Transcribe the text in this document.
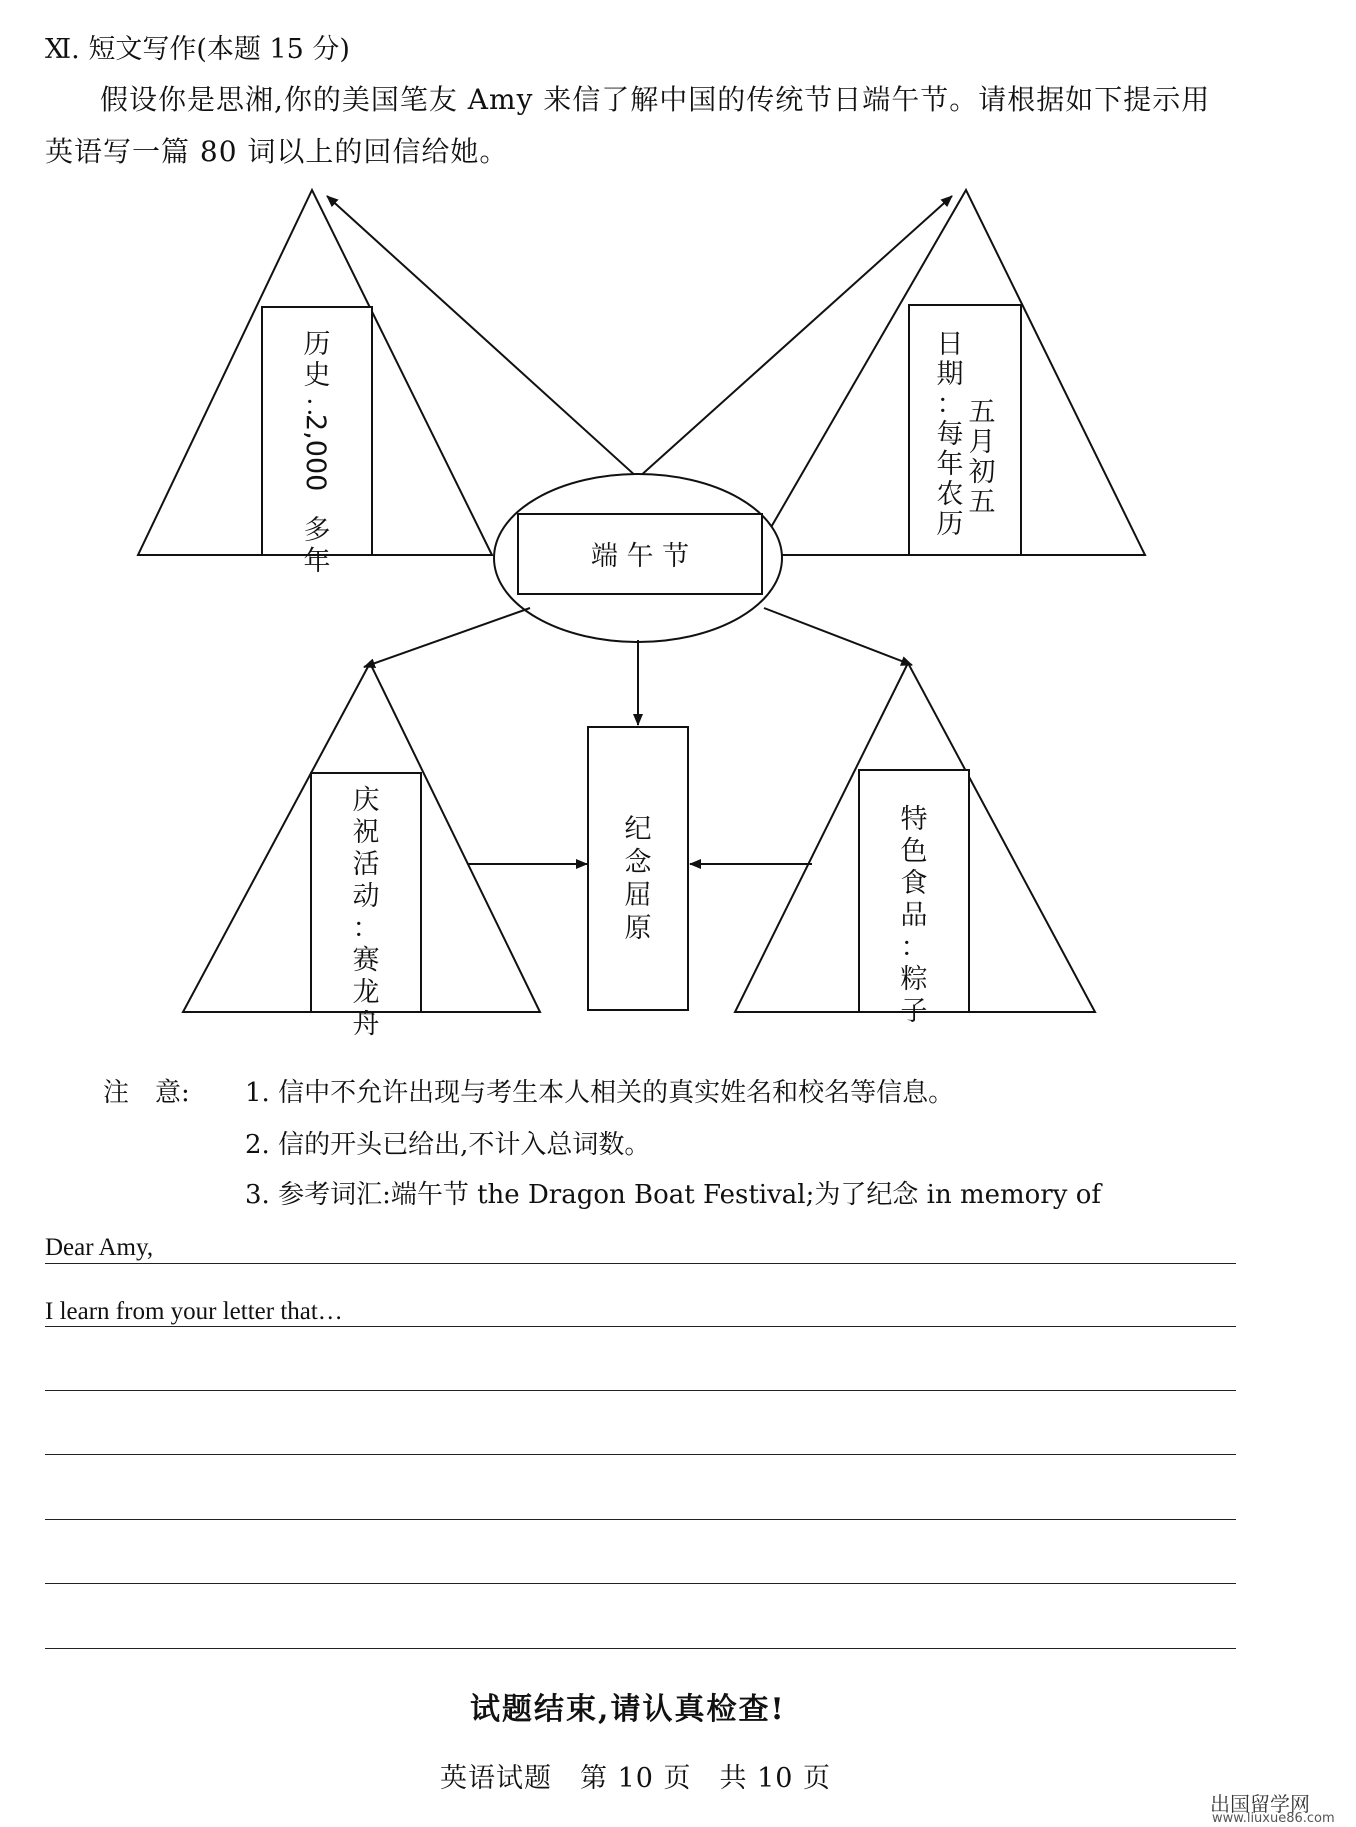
Ⅺ. 短文写作(本题 15 分)
假设你是思湘,你的美国笔友 Amy 来信了解中国的传统节日端午节。请根据如下提示用
英语写一篇 80 词以上的回信给她。
端 午 节
历
史
：
2,000
多
年
日
期
：
每
年
农
历
五
月
初
五
庆
祝
活
动
：
赛
龙
舟
纪
念
屈
原
特
色
食
品
：
粽
子
注　意: 1. 信中不允许出现与考生本人相关的真实姓名和校名等信息。
2. 信的开头已给出,不计入总词数。
3. 参考词汇:端午节 the Dragon Boat Festival;为了纪念 in memory of
Dear Amy,
I learn from your letter that…
试题结束,请认真检查!
英语试题　第 10 页　共 10 页
出国留学网
www.liuxue86.com
